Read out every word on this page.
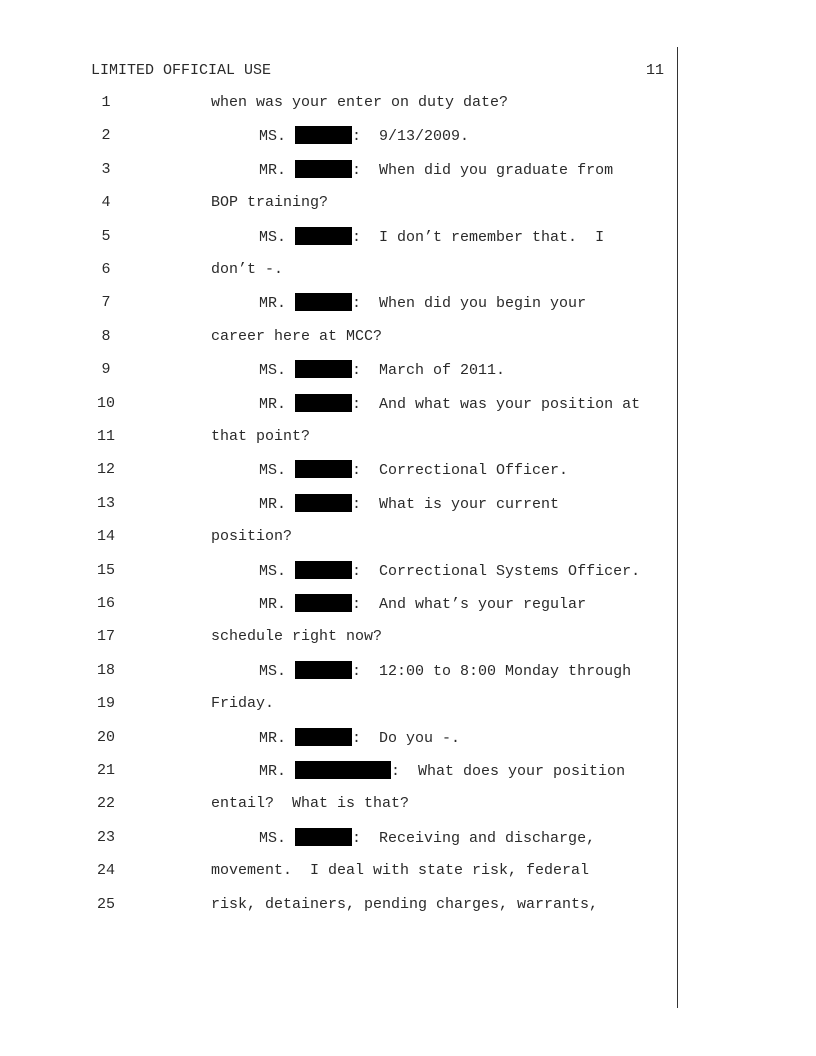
LIMITED OFFICIAL USE	11
1	when was your enter on duty date?
2	MS.	:  9/13/2009.
3	MR.	:  When did you graduate from
4	BOP training?
5	MS.	:  I don’t remember that.  I
6	don’t -.
7	MR.	:  When did you begin your
8	career here at MCC?
9	MS.	:  March of 2011.
10	MR.	:  And what was your position at
11	that point?
12	MS.	:  Correctional Officer.
13	MR.	:  What is your current
14	position?
15	MS.	:  Correctional Systems Officer.
16	MR.	:  And what’s your regular
17	schedule right now?
18	MS.	:  12:00 to 8:00 Monday through
19	Friday.
20	MR.	:  Do you -.
21	MR.	:  What does your position
22	entail?  What is that?
23	MS.	:  Receiving and discharge,
24	movement.  I deal with state risk, federal
25	risk, detainers, pending charges, warrants,
